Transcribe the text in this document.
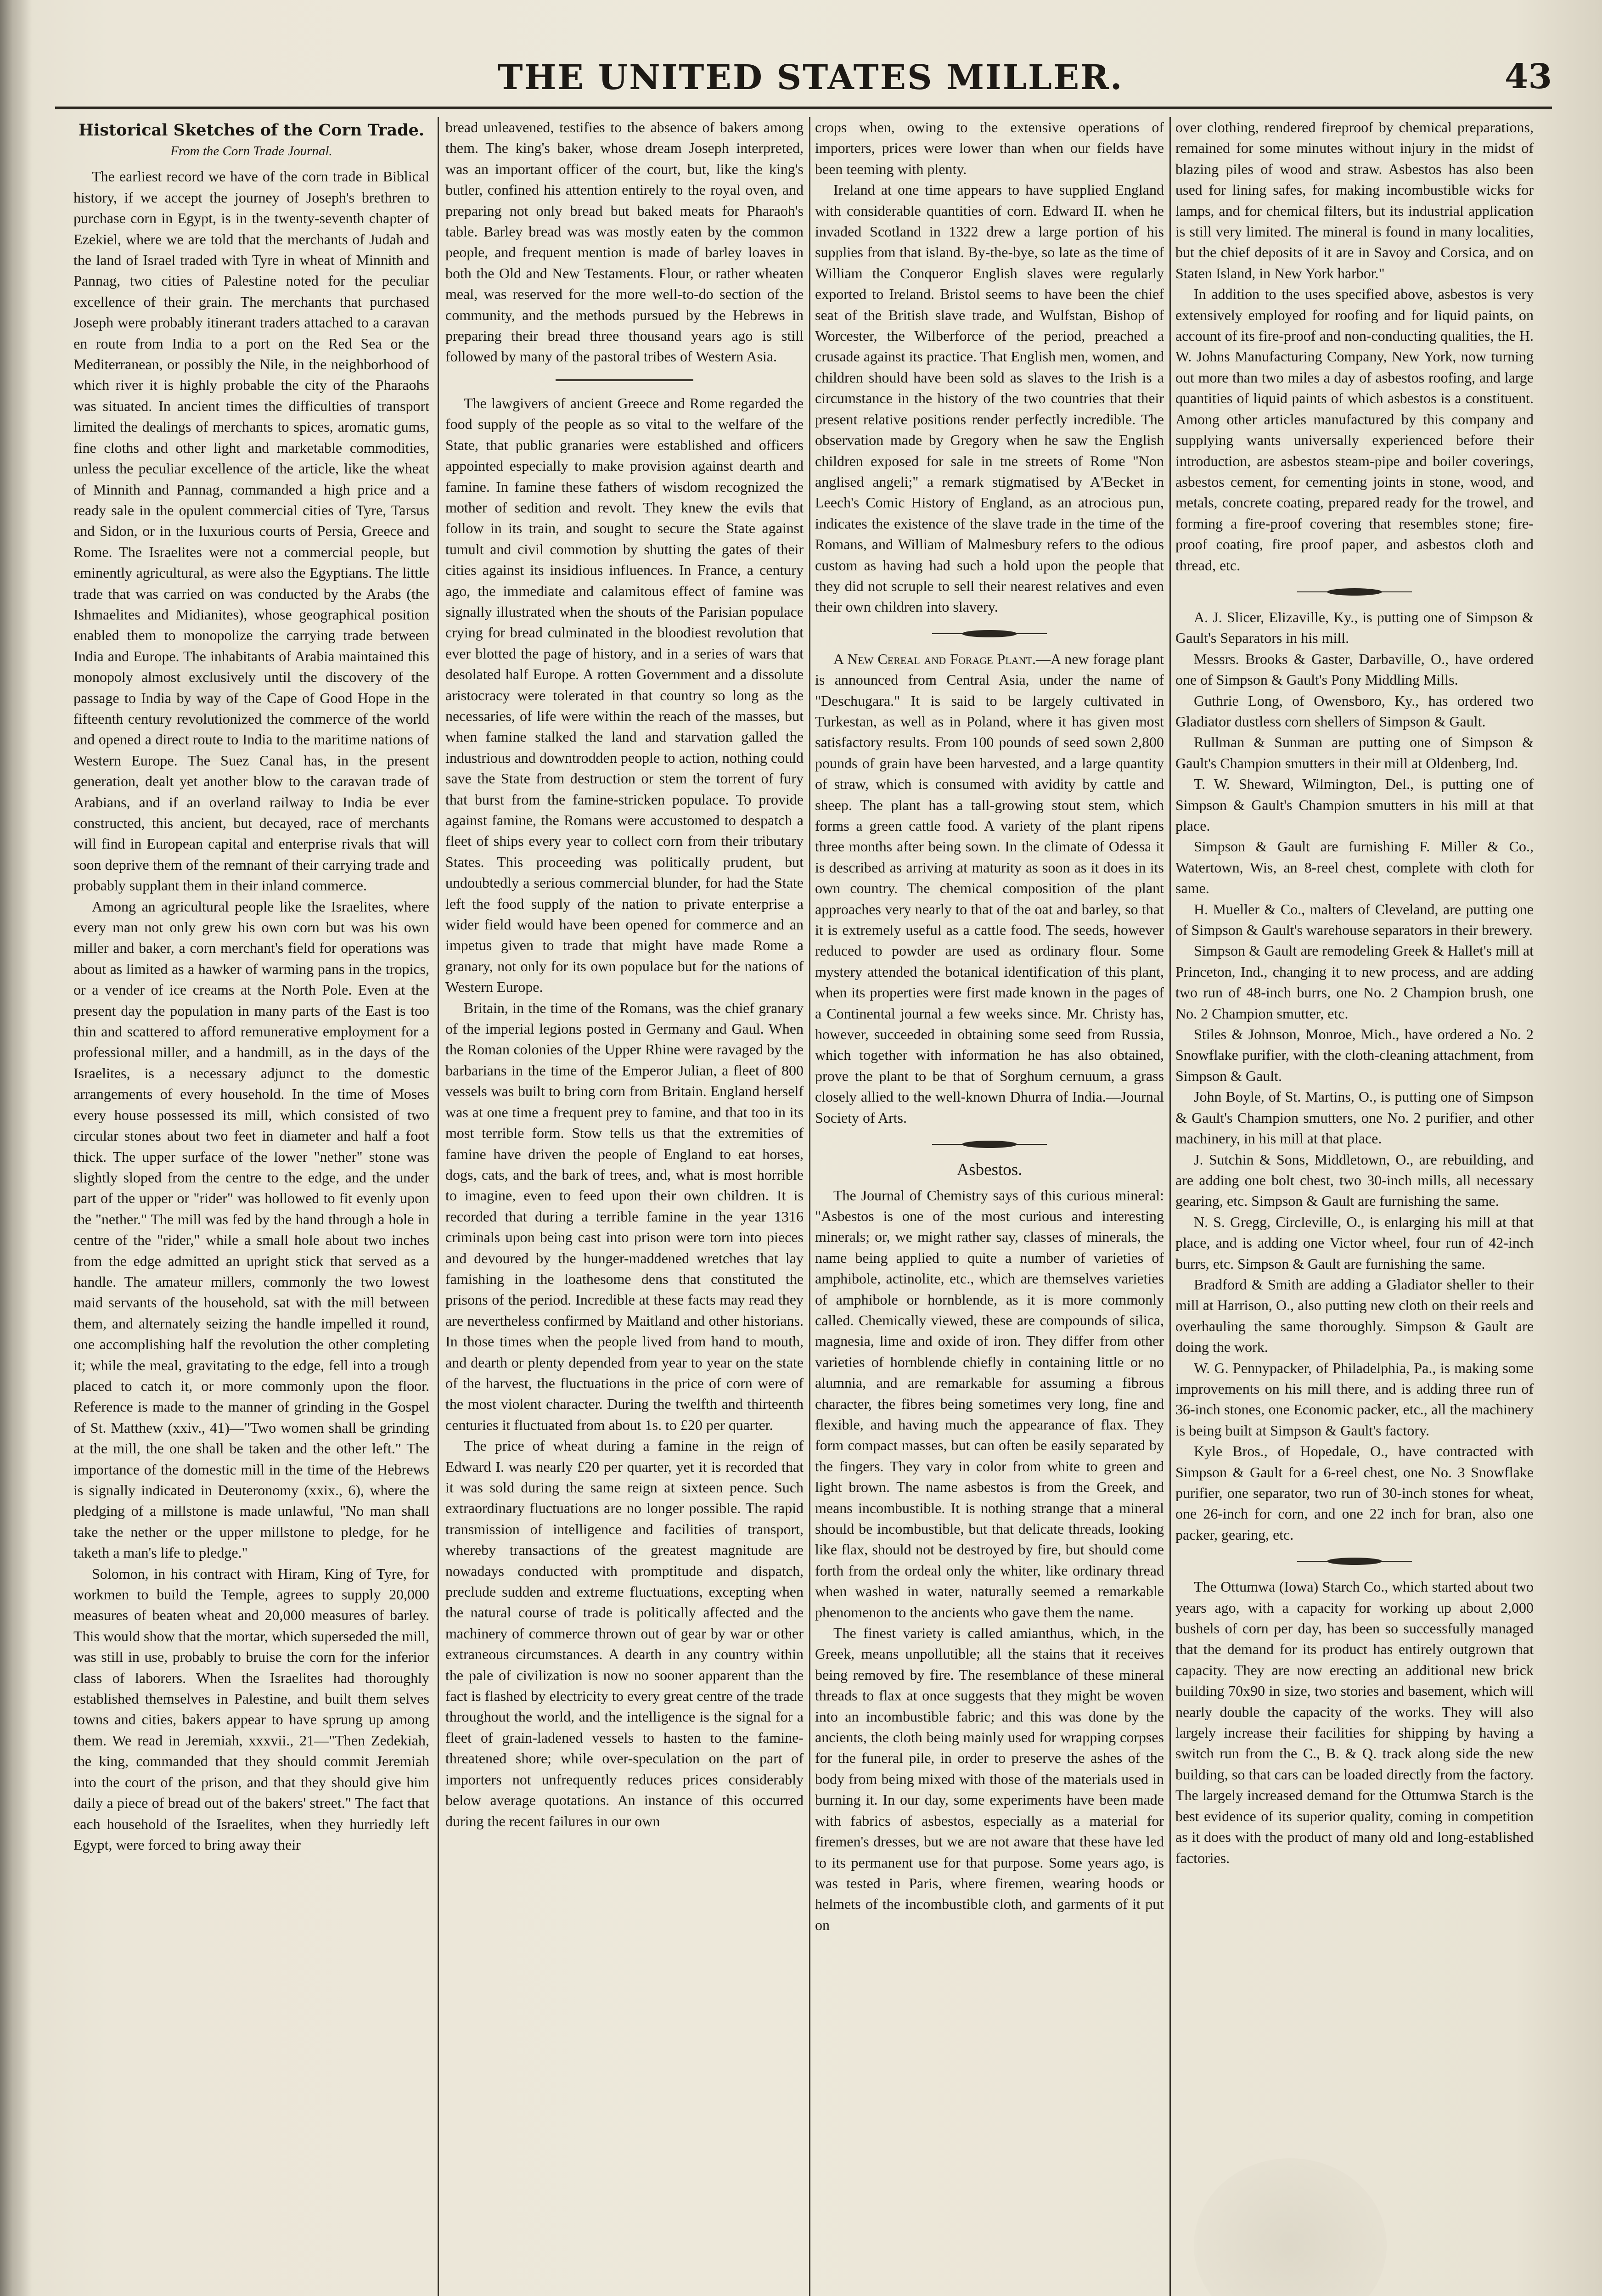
THE UNITED STATES MILLER.	43
Historical Sketches of the Corn Trade.
From the Corn Trade Journal.

The earliest record we have of the corn trade in Biblical history, if we accept the journey of Joseph's brethren to purchase corn in Egypt, is in the twenty-seventh chapter of Ezekiel, where we are told that the merchants of Judah and the land of Israel traded with Tyre in wheat of Minnith and Pannag, two cities of Palestine noted for the peculiar excellence of their grain. The merchants that purchased Joseph were probably itinerant traders attached to a caravan en route from India to a port on the Red Sea or the Mediterranean, or possibly the Nile, in the neighborhood of which river it is highly probable the city of the Pharaohs was situated. In ancient times the difficulties of transport limited the dealings of merchants to spices, aromatic gums, fine cloths and other light and marketable commodities, unless the peculiar excellence of the article, like the wheat of Minnith and Pannag, commanded a high price and a ready sale in the opulent commercial cities of Tyre, Tarsus and Sidon, or in the luxurious courts of Persia, Greece and Rome. The Israelites were not a commercial people, but eminently agricultural, as were also the Egyptians. The little trade that was carried on was conducted by the Arabs (the Ishmaelites and Midianites), whose geographical position enabled them to monopolize the carrying trade between India and Europe. The inhabitants of Arabia maintained this monopoly almost exclusively until the discovery of the passage to India by way of the Cape of Good Hope in the fifteenth century revolutionized the commerce of the world and opened a direct route to India to the maritime nations of Western Europe. The Suez Canal has, in the present generation, dealt yet another blow to the caravan trade of Arabians, and if an overland railway to India be ever constructed, this ancient, but decayed, race of merchants will find in European capital and enterprise rivals that will soon deprive them of the remnant of their carrying trade and probably supplant them in their inland commerce.

Among an agricultural people like the Israelites, where every man not only grew his own corn but was his own miller and baker, a corn merchant's field for operations was about as limited as a hawker of warming pans in the tropics, or a vender of ice creams at the North Pole. Even at the present day the population in many parts of the East is too thin and scattered to afford remunerative employment for a professional miller, and a handmill, as in the days of the Israelites, is a necessary adjunct to the domestic arrangements of every household. In the time of Moses every house possessed its mill, which consisted of two circular stones about two feet in diameter and half a foot thick. The upper surface of the lower "nether" stone was slightly sloped from the centre to the edge, and the under part of the upper or "rider" was hollowed to fit evenly upon the "nether." The mill was fed by the hand through a hole in centre of the "rider," while a small hole about two inches from the edge admitted an upright stick that served as a handle. The amateur millers, commonly the two lowest maid servants of the household, sat with the mill between them, and alternately seizing the handle impelled it round, one accomplishing half the revolution the other completing it; while the meal, gravitating to the edge, fell into a trough placed to catch it, or more commonly upon the floor. Reference is made to the manner of grinding in the Gospel of St. Matthew (xxiv., 41)—"Two women shall be grinding at the mill, the one shall be taken and the other left." The importance of the domestic mill in the time of the Hebrews is signally indicated in Deuteronomy (xxix., 6), where the pledging of a millstone is made unlawful, "No man shall take the nether or the upper millstone to pledge, for he taketh a man's life to pledge."

Solomon, in his contract with Hiram, King of Tyre, for workmen to build the Temple, agrees to supply 20,000 measures of beaten wheat and 20,000 measures of barley. This would show that the mortar, which superseded the mill, was still in use, probably to bruise the corn for the inferior class of laborers. When the Israelites had thoroughly established themselves in Palestine, and built them selves towns and cities, bakers appear to have sprung up among them. We read in Jeremiah, xxxvii., 21—"Then Zedekiah, the king, commanded that they should commit Jeremiah into the court of the prison, and that they should give him daily a piece of bread out of the bakers' street." The fact that each household of the Israelites, when they hurriedly left Egypt, were forced to bring away their

bread unleavened, testifies to the absence of bakers among them. The king's baker, whose dream Joseph interpreted, was an important officer of the court, but, like the king's butler, confined his attention entirely to the royal oven, and preparing not only bread but baked meats for Pharaoh's table. Barley bread was was mostly eaten by the common people, and frequent mention is made of barley loaves in both the Old and New Testaments. Flour, or rather wheaten meal, was reserved for the more well-to-do section of the community, and the methods pursued by the Hebrews in preparing their bread three thousand years ago is still followed by many of the pastoral tribes of Western Asia.

The lawgivers of ancient Greece and Rome regarded the food supply of the people as so vital to the welfare of the State, that public granaries were established and officers appointed especially to make provision against dearth and famine. In famine these fathers of wisdom recognized the mother of sedition and revolt. They knew the evils that follow in its train, and sought to secure the State against tumult and civil commotion by shutting the gates of their cities against its insidious influences. In France, a century ago, the immediate and calamitous effect of famine was signally illustrated when the shouts of the Parisian populace crying for bread culminated in the bloodiest revolution that ever blotted the page of history, and in a series of wars that desolated half Europe. A rotten Government and a dissolute aristocracy were tolerated in that country so long as the necessaries, of life were within the reach of the masses, but when famine stalked the land and starvation galled the industrious and downtrodden people to action, nothing could save the State from destruction or stem the torrent of fury that burst from the famine-stricken populace. To provide against famine, the Romans were accustomed to despatch a fleet of ships every year to collect corn from their tributary States. This proceeding was politically prudent, but undoubtedly a serious commercial blunder, for had the State left the food supply of the nation to private enterprise a wider field would have been opened for commerce and an impetus given to trade that might have made Rome a granary, not only for its own populace but for the nations of Western Europe.

Britain, in the time of the Romans, was the chief granary of the imperial legions posted in Germany and Gaul. When the Roman colonies of the Upper Rhine were ravaged by the barbarians in the time of the Emperor Julian, a fleet of 800 vessels was built to bring corn from Britain. England herself was at one time a frequent prey to famine, and that too in its most terrible form. Stow tells us that the extremities of famine have driven the people of England to eat horses, dogs, cats, and the bark of trees, and, what is most horrible to imagine, even to feed upon their own children. It is recorded that during a terrible famine in the year 1316 criminals upon being cast into prison were torn into pieces and devoured by the hunger-maddened wretches that lay famishing in the loathesome dens that constituted the prisons of the period. Incredible at these facts may read they are nevertheless confirmed by Maitland and other historians. In those times when the people lived from hand to mouth, and dearth or plenty depended from year to year on the state of the harvest, the fluctuations in the price of corn were of the most violent character. During the twelfth and thirteenth centuries it fluctuated from about 1s. to £20 per quarter.

The price of wheat during a famine in the reign of Edward I. was nearly £20 per quarter, yet it is recorded that it was sold during the same reign at sixteen pence. Such extraordinary fluctuations are no longer possible. The rapid transmission of intelligence and facilities of transport, whereby transactions of the greatest magnitude are nowadays conducted with promptitude and dispatch, preclude sudden and extreme fluctuations, excepting when the natural course of trade is politically affected and the machinery of commerce thrown out of gear by war or other extraneous circumstances. A dearth in any country within the pale of civilization is now no sooner apparent than the fact is flashed by electricity to every great centre of the trade throughout the world, and the intelligence is the signal for a fleet of grain-ladened vessels to hasten to the famine-threatened shore; while over-speculation on the part of importers not unfrequently reduces prices considerably below average quotations. An instance of this occurred during the recent failures in our own

crops when, owing to the extensive operations of importers, prices were lower than when our fields have been teeming with plenty.

Ireland at one time appears to have supplied England with considerable quantities of corn. Edward II. when he invaded Scotland in 1322 drew a large portion of his supplies from that island. By-the-bye, so late as the time of William the Conqueror English slaves were regularly exported to Ireland. Bristol seems to have been the chief seat of the British slave trade, and Wulfstan, Bishop of Worcester, the Wilberforce of the period, preached a crusade against its practice. That English men, women, and children should have been sold as slaves to the Irish is a circumstance in the history of the two countries that their present relative positions render perfectly incredible. The observation made by Gregory when he saw the English children exposed for sale in tne streets of Rome "Non anglised angeli;" a remark stigmatised by A'Becket in Leech's Comic History of England, as an atrocious pun, indicates the existence of the slave trade in the time of the Romans, and William of Malmesbury refers to the odious custom as having had such a hold upon the people that they did not scruple to sell their nearest relatives and even their own children into slavery.

A New Cereal and Forage Plant.—A new forage plant is announced from Central Asia, under the name of "Deschugara." It is said to be largely cultivated in Turkestan, as well as in Poland, where it has given most satisfactory results. From 100 pounds of seed sown 2,800 pounds of grain have been harvested, and a large quantity of straw, which is consumed with avidity by cattle and sheep. The plant has a tall-growing stout stem, which forms a green cattle food. A variety of the plant ripens three months after being sown. In the climate of Odessa it is described as arriving at maturity as soon as it does in its own country. The chemical composition of the plant approaches very nearly to that of the oat and barley, so that it is extremely useful as a cattle food. The seeds, however reduced to powder are used as ordinary flour. Some mystery attended the botanical identification of this plant, when its properties were first made known in the pages of a Continental journal a few weeks since. Mr. Christy has, however, succeeded in obtaining some seed from Russia, which together with information he has also obtained, prove the plant to be that of Sorghum cernuum, a grass closely allied to the well-known Dhurra of India.—Journal Society of Arts.

Asbestos.

The Journal of Chemistry says of this curious mineral: "Asbestos is one of the most curious and interesting minerals; or, we might rather say, classes of minerals, the name being applied to quite a number of varieties of amphibole, actinolite, etc., which are themselves varieties of amphibole or hornblende, as it is more commonly called. Chemically viewed, these are compounds of silica, magnesia, lime and oxide of iron. They differ from other varieties of hornblende chiefly in containing little or no alumnia, and are remarkable for assuming a fibrous character, the fibres being sometimes very long, fine and flexible, and having much the appearance of flax. They form compact masses, but can often be easily separated by the fingers. They vary in color from white to green and light brown. The name asbestos is from the Greek, and means incombustible. It is nothing strange that a mineral should be incombustible, but that delicate threads, looking like flax, should not be destroyed by fire, but should come forth from the ordeal only the whiter, like ordinary thread when washed in water, naturally seemed a remarkable phenomenon to the ancients who gave them the name.

The finest variety is called amianthus, which, in the Greek, means unpollutible; all the stains that it receives being removed by fire. The resemblance of these mineral threads to flax at once suggests that they might be woven into an incombustible fabric; and this was done by the ancients, the cloth being mainly used for wrapping corpses for the funeral pile, in order to preserve the ashes of the body from being mixed with those of the materials used in burning it. In our day, some experiments have been made with fabrics of asbestos, especially as a material for firemen's dresses, but we are not aware that these have led to its permanent use for that purpose. Some years ago, is was tested in Paris, where firemen, wearing hoods or helmets of the incombustible cloth, and garments of it put on

over clothing, rendered fireproof by chemical preparations, remained for some minutes without injury in the midst of blazing piles of wood and straw. Asbestos has also been used for lining safes, for making incombustible wicks for lamps, and for chemical filters, but its industrial application is still very limited. The mineral is found in many localities, but the chief deposits of it are in Savoy and Corsica, and on Staten Island, in New York harbor."

In addition to the uses specified above, asbestos is very extensively employed for roofing and for liquid paints, on account of its fire-proof and non-conducting qualities, the H. W. Johns Manufacturing Company, New York, now turning out more than two miles a day of asbestos roofing, and large quantities of liquid paints of which asbestos is a constituent. Among other articles manufactured by this company and supplying wants universally experienced before their introduction, are asbestos steam-pipe and boiler coverings, asbestos cement, for cementing joints in stone, wood, and metals, concrete coating, prepared ready for the trowel, and forming a fire-proof covering that resembles stone; fire-proof coating, fire proof paper, and asbestos cloth and thread, etc.

A. J. Slicer, Elizaville, Ky., is putting one of Simpson & Gault's Separators in his mill.

Messrs. Brooks & Gaster, Darbaville, O., have ordered one of Simpson & Gault's Pony Middling Mills.

Guthrie Long, of Owensboro, Ky., has ordered two Gladiator dustless corn shellers of Simpson & Gault.

Rullman & Sunman are putting one of Simpson & Gault's Champion smutters in their mill at Oldenberg, Ind.

T. W. Sheward, Wilmington, Del., is putting one of Simpson & Gault's Champion smutters in his mill at that place.

Simpson & Gault are furnishing F. Miller & Co., Watertown, Wis, an 8-reel chest, complete with cloth for same.

H. Mueller & Co., malters of Cleveland, are putting one of Simpson & Gault's warehouse separators in their brewery.

Simpson & Gault are remodeling Greek & Hallet's mill at Princeton, Ind., changing it to new process, and are adding two run of 48-inch burrs, one No. 2 Champion brush, one No. 2 Champion smutter, etc.

Stiles & Johnson, Monroe, Mich., have ordered a No. 2 Snowflake purifier, with the cloth-cleaning attachment, from Simpson & Gault.

John Boyle, of St. Martins, O., is putting one of Simpson & Gault's Champion smutters, one No. 2 purifier, and other machinery, in his mill at that place.

J. Sutchin & Sons, Middletown, O., are rebuilding, and are adding one bolt chest, two 30-inch mills, all necessary gearing, etc. Simpson & Gault are furnishing the same.

N. S. Gregg, Circleville, O., is enlarging his mill at that place, and is adding one Victor wheel, four run of 42-inch burrs, etc. Simpson & Gault are furnishing the same.

Bradford & Smith are adding a Gladiator sheller to their mill at Harrison, O., also putting new cloth on their reels and overhauling the same thoroughly. Simpson & Gault are doing the work.

W. G. Pennypacker, of Philadelphia, Pa., is making some improvements on his mill there, and is adding three run of 36-inch stones, one Economic packer, etc., all the machinery is being built at Simpson & Gault's factory.

Kyle Bros., of Hopedale, O., have contracted with Simpson & Gault for a 6-reel chest, one No. 3 Snowflake purifier, one separator, two run of 30-inch stones for wheat, one 26-inch for corn, and one 22 inch for bran, also one packer, gearing, etc.

The Ottumwa (Iowa) Starch Co., which started about two years ago, with a capacity for working up about 2,000 bushels of corn per day, has been so successfully managed that the demand for its product has entirely outgrown that capacity. They are now erecting an additional new brick building 70x90 in size, two stories and basement, which will nearly double the capacity of the works. They will also largely increase their facilities for shipping by having a switch run from the C., B. & Q. track along side the new building, so that cars can be loaded directly from the factory. The largely increased demand for the Ottumwa Starch is the best evidence of its superior quality, coming in competition as it does with the product of many old and long-established factories.
